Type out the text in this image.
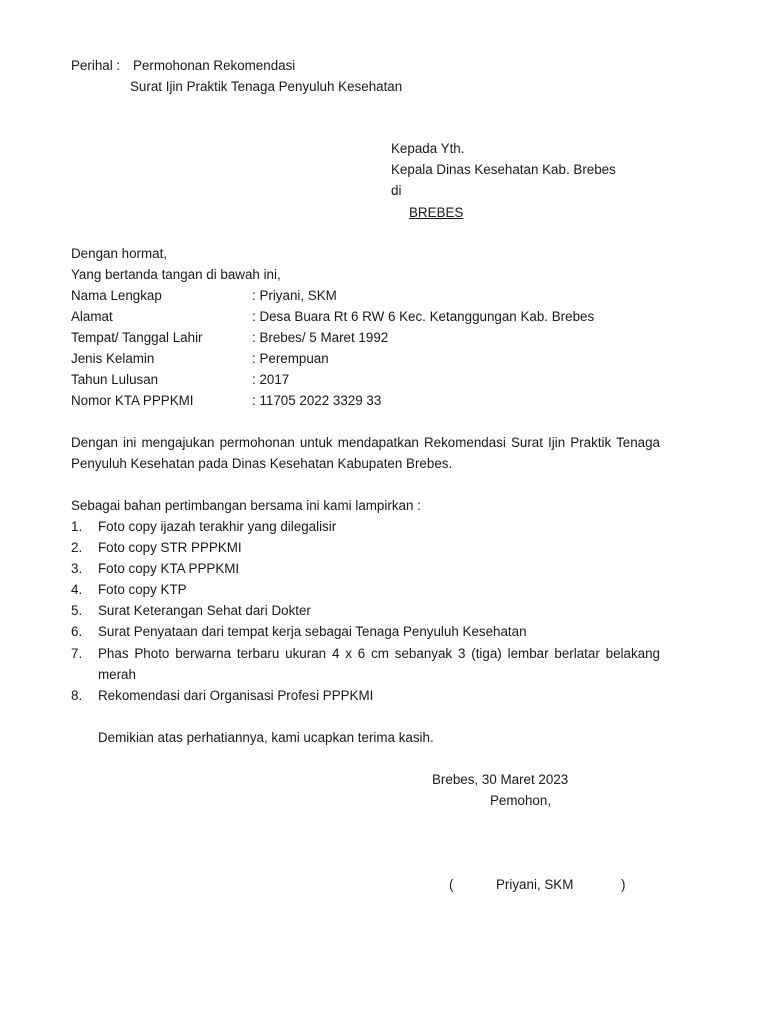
Perihal : Permohonan Rekomendasi
Surat Ijin Praktik Tenaga Penyuluh Kesehatan
Kepada Yth.
Kepala Dinas Kesehatan Kab. Brebes
di
BREBES
Dengan hormat,
Yang bertanda tangan di bawah ini,
Nama Lengkap	: Priyani, SKM
Alamat	: Desa Buara Rt 6 RW 6 Kec. Ketanggungan Kab. Brebes
Tempat/ Tanggal Lahir	: Brebes/ 5 Maret 1992
Jenis Kelamin	: Perempuan
Tahun Lulusan	: 2017
Nomor KTA PPPKMI	: 11705 2022 3329 33
Dengan ini mengajukan permohonan untuk mendapatkan Rekomendasi Surat Ijin Praktik Tenaga Penyuluh Kesehatan pada Dinas Kesehatan Kabupaten Brebes.
Sebagai bahan pertimbangan bersama ini kami lampirkan :
1. Foto copy ijazah terakhir yang dilegalisir
2. Foto copy STR PPPKMI
3. Foto copy KTA PPPKMI
4. Foto copy KTP
5. Surat Keterangan Sehat dari Dokter
6. Surat Penyataan dari tempat kerja sebagai Tenaga Penyuluh Kesehatan
7. Phas Photo berwarna terbaru ukuran 4 x 6 cm sebanyak 3 (tiga) lembar berlatar belakang merah
8. Rekomendasi dari Organisasi Profesi PPPKMI
Demikian atas perhatiannya, kami ucapkan terima kasih.
Brebes, 30 Maret 2023
Pemohon,
(	Priyani, SKM	)
